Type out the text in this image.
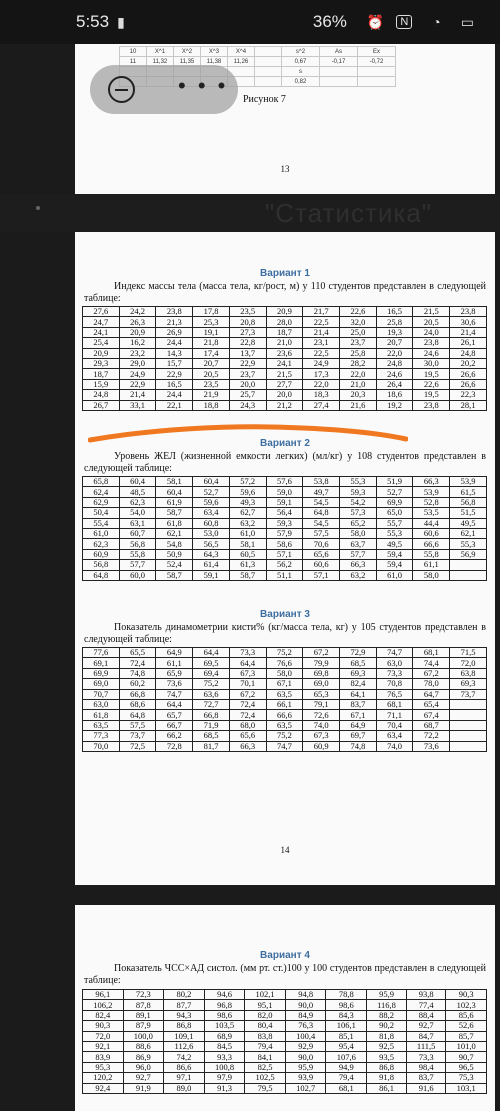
5:53 ▮	36% ⏰	N ◔ ▭
10	X^1	X^2	X^3	X^4		s^2	As	Ex
11	11,32	11,35	11,38	11,26		0,67	-0,17	-0,72
						s		
						0,82		
Рисунок 7
13
• • •
"Статистика"
Вариант 1
Индекс массы тела (масса тела, кг/рост, м) у 110 студентов представлен в следующей таблице:
27,6	24,2	23,8	17,8	23,5	20,9	21,7	22,6	16,5	21,5	23,8
24,7	26,3	21,3	25,3	20,8	28,0	22,5	32,0	25,8	20,5	30,6
24,1	20,9	26,9	19,1	27,3	18,7	21,4	25,0	19,3	24,0	21,4
25,4	16,2	24,4	21,8	22,8	21,0	23,1	23,7	20,7	23,8	26,1
20,9	23,2	14,3	17,4	13,7	23,6	22,5	25,8	22,0	24,6	24,8
29,3	29,0	15,7	20,7	22,9	24,1	24,9	28,2	24,8	30,0	20,2
18,7	24,9	22,9	20,5	23,7	21,5	17,3	22,0	24,6	19,5	26,6
15,9	22,9	16,5	23,5	20,0	27,7	22,0	21,0	26,4	22,6	26,6
24,8	21,4	24,4	21,9	25,7	20,0	18,3	20,3	18,6	19,5	22,3
26,7	33,1	22,1	18,8	24,3	21,2	27,4	21,6	19,2	23,8	28,1
Вариант 2
Уровень ЖЕЛ (жизненной емкости легких) (мл/кг) у 108 студентов представлен в следующей таблице:
65,8	60,4	58,1	60,4	57,2	57,6	53,8	55,3	51,9	66,3	53,9
62,4	48,5	60,4	52,7	59,6	59,0	49,7	59,3	52,7	53,9	61,5
62,9	62,3	61,9	59,6	49,3	59,1	54,5	54,2	69,9	52,8	56,8
50,4	54,0	58,7	63,4	62,7	56,4	64,8	57,3	65,0	53,5	51,5
55,4	63,1	61,8	60,8	63,2	59,3	54,5	65,2	55,7	44,4	49,5
61,0	60,7	62,1	53,0	61,0	57,9	57,5	58,0	55,3	60,6	62,1
62,3	56,8	54,8	56,5	58,1	58,6	70,6	63,7	49,5	66,6	55,3
60,9	55,8	50,9	64,3	60,5	57,1	65,6	57,7	59,4	55,8	56,9
56,8	57,7	52,4	61,4	61,3	56,2	60,6	66,3	59,4	61,1	
64,8	60,0	58,7	59,1	58,7	51,1	57,1	63,2	61,0	58,0	
Вариант 3
Показатель динамометрии кисти% (кг/масса тела, кг) у 105 студентов представлен в следующей таблице:
77,6	65,5	64,9	64,4	73,3	75,2	67,2	72,9	74,7	68,1	71,5
69,1	72,4	61,1	69,5	64,4	76,6	79,9	68,5	63,0	74,4	72,0
69,9	74,8	65,9	69,4	67,3	58,0	69,8	69,3	73,3	67,2	63,8
69,0	60,2	73,6	75,2	70,1	67,1	69,0	82,4	70,8	78,0	69,3
70,7	66,8	74,7	63,6	67,2	63,5	65,3	64,1	76,5	64,7	73,7
63,0	68,6	64,4	72,7	72,4	66,1	79,1	83,7	68,1	65,4	
61,8	64,8	65,7	66,8	72,4	66,6	72,6	67,1	71,1	67,4	
63,5	57,5	66,7	71,9	68,0	63,5	74,0	64,9	70,4	68,7	
77,3	73,7	66,2	68,5	65,6	75,2	67,3	69,7	63,4	72,2	
70,0	72,5	72,8	81,7	66,3	74,7	60,9	74,8	74,0	73,6	
14
Вариант 4
Показатель ЧСС×АД систол. (мм рт. ст.)100 у 100 студентов представлен в следующей таблице:
96,1	72,3	80,2	94,6	102,1	94,8	78,8	95,9	93,8	90,3
106,2	87,8	87,7	96,8	95,1	90,0	98,6	116,8	77,4	102,3
82,4	89,1	94,3	98,6	82,0	84,9	84,3	88,2	88,4	85,6
90,3	87,9	86,8	103,5	80,4	76,3	106,1	90,2	92,7	52,6
72,0	100,0	109,1	68,9	83,8	100,4	85,1	81,8	84,7	85,7
92,1	88,6	112,6	84,5	79,4	92,9	95,4	92,5	111,5	101,0
83,9	86,9	74,2	93,3	84,1	90,0	107,6	93,5	73,3	90,7
95,3	96,0	86,6	100,8	82,5	95,9	94,9	86,8	98,4	96,5
120,2	92,7	97,1	97,9	102,5	93,9	79,4	91,8	83,7	75,3
92,4	91,9	89,0	91,3	79,5	102,7	68,1	86,1	91,6	103,1
